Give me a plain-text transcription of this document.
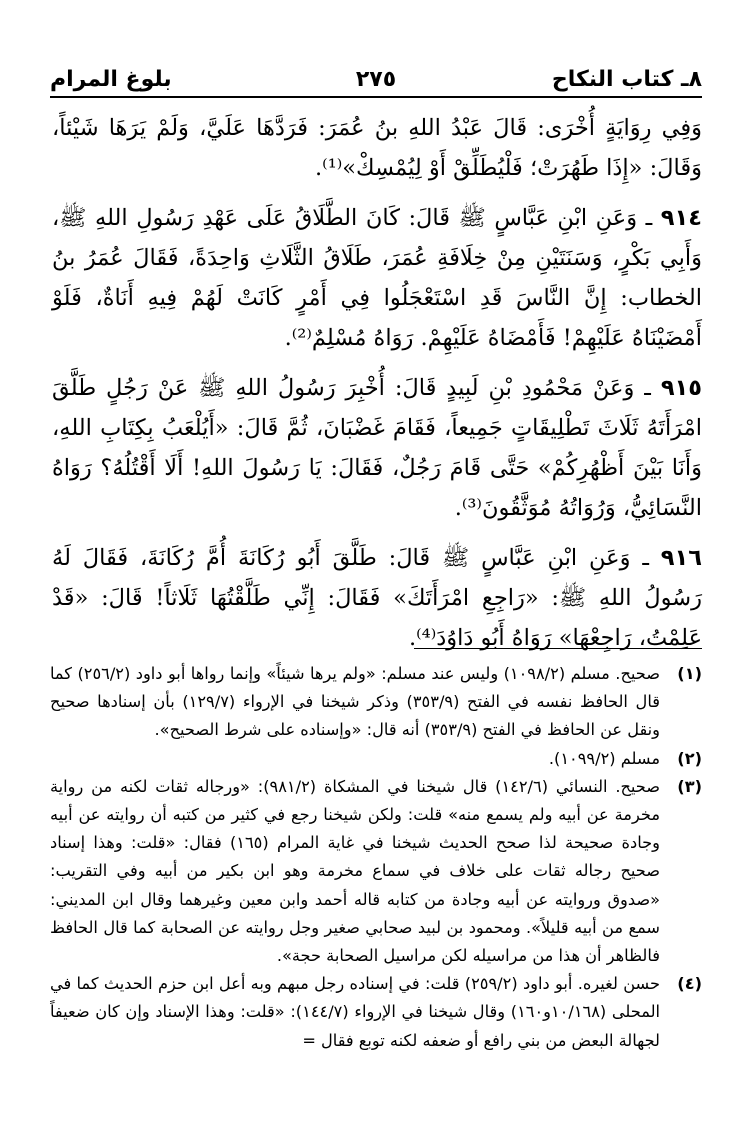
٨ـ كتاب النكاح
٢٧٥
بلوغ المرام

وَفِي رِوَايَةٍ أُخْرَى: قَالَ عَبْدُ اللهِ بنُ عُمَرَ: فَرَدَّهَا عَلَيَّ، وَلَمْ يَرَهَا شَيْئاً، وَقَالَ: «إِذَا طَهُرَتْ؛ فَلْيُطَلِّقْ أَوْ لِيُمْسِكْ»⁽¹⁾.

٩١٤ ـ وَعَنِ ابْنِ عَبَّاسٍ ﷺ قَالَ: كَانَ الطَّلَاقُ عَلَى عَهْدِ رَسُولِ اللهِ ﷺ، وَأَبِي بَكْرٍ، وَسَنَتَيْنِ مِنْ خِلَافَةِ عُمَرَ، طَلَاقُ الثَّلَاثِ وَاحِدَةً، فَقَالَ عُمَرُ بنُ الخطاب: إِنَّ النَّاسَ قَدِ اسْتَعْجَلُوا فِي أَمْرٍ كَانَتْ لَهُمْ فِيهِ أَنَاةٌ، فَلَوْ أَمْضَيْنَاهُ عَلَيْهِمْ! فَأَمْضَاهُ عَلَيْهِمْ. رَوَاهُ مُسْلِمٌ⁽²⁾.

٩١٥ ـ وَعَنْ مَحْمُودِ بْنِ لَبِيدٍ قَالَ: أُخْبِرَ رَسُولُ اللهِ ﷺ عَنْ رَجُلٍ طَلَّقَ امْرَأَتَهُ ثَلَاثَ تَطْلِيقَاتٍ جَمِيعاً، فَقَامَ غَضْبَانَ، ثُمَّ قَالَ: «أَيُلْعَبُ بِكِتَابِ اللهِ، وَأَنَا بَيْنَ أَظْهُرِكُمْ» حَتَّى قَامَ رَجُلٌ، فَقَالَ: يَا رَسُولَ اللهِ! أَلَا أَقْتُلُهُ؟ رَوَاهُ النَّسَائِيُّ، وَرُوَاتُهُ مُوَثَّقُونَ⁽³⁾.

٩١٦ ـ وَعَنِ ابْنِ عَبَّاسٍ ﷺ قَالَ: طَلَّقَ أَبُو رُكَانَةَ أُمَّ رُكَانَةَ، فَقَالَ لَهُ رَسُولُ اللهِ ﷺ: «رَاجِعِ امْرَأَتَكَ» فَقَالَ: إِنِّي طَلَّقْتُهَا ثَلَاثاً! قَالَ: «قَدْ عَلِمْتُ، رَاجِعْهَا» رَوَاهُ أَبُو دَاوُدَ⁽⁴⁾.

(١)

صحيح. مسلم (١٠٩٨/٢) وليس عند مسلم: «ولم يرها شيئاً» وإنما رواها أبو داود (٢٥٦/٢) كما قال الحافظ نفسه في الفتح (٣٥٣/٩) وذكر شيخنا في الإرواء (١٢٩/٧) بأن إسنادها صحيح ونقل عن الحافظ في الفتح (٣٥٣/٩) أنه قال: «وإسناده على شرط الصحيح».

(٢)

مسلم (١٠٩٩/٢).

(٣)

صحيح. النسائي (١٤٢/٦) قال شيخنا في المشكاة (٩٨١/٢): «ورجاله ثقات لكنه من رواية مخرمة عن أبيه ولم يسمع منه» قلت: ولكن شيخنا رجع في كثير من كتبه أن روايته عن أبيه وجادة صحيحة لذا صحح الحديث شيخنا في غاية المرام (١٦٥) فقال: «قلت: وهذا إسناد صحيح رجاله ثقات على خلاف في سماع مخرمة وهو ابن بكير من أبيه وفي التقريب: «صدوق وروايته عن أبيه وجادة من كتابه قاله أحمد وابن معين وغيرهما وقال ابن المديني: سمع من أبيه قليلاً». ومحمود بن لبيد صحابي صغير وجل روايته عن الصحابة كما قال الحافظ فالظاهر أن هذا من مراسيله لكن مراسيل الصحابة حجة».

(٤)

حسن لغيره. أبو داود (٢٥٩/٢) قلت: في إسناده رجل مبهم وبه أعل ابن حزم الحديث كما في المحلى (١٠/١٦٨و١٦٠) وقال شيخنا في الإرواء (١٤٤/٧): «قلت: وهذا الإسناد وإن كان ضعيفاً لجهالة البعض من بني رافع أو ضعفه لكنه توبع فقال =
